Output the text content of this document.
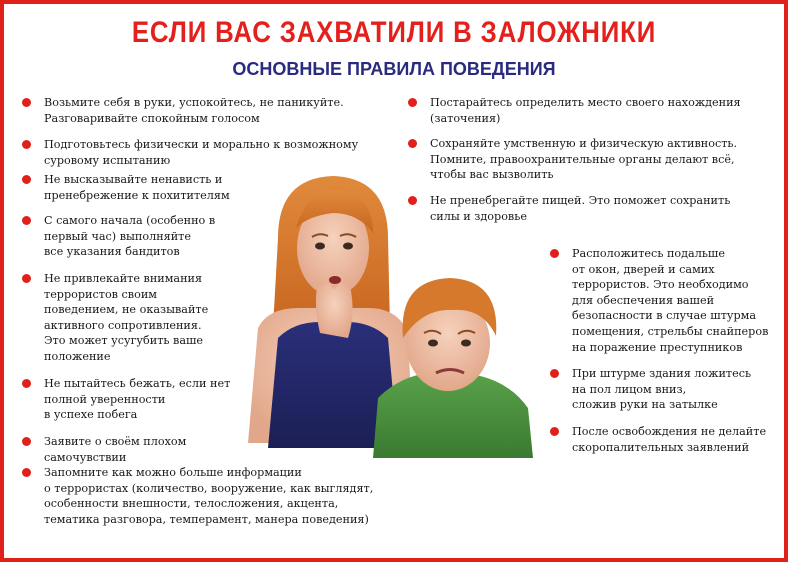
ЕСЛИ ВАС ЗАХВАТИЛИ В ЗАЛОЖНИКИ
ОСНОВНЫЕ ПРАВИЛА ПОВЕДЕНИЯ
Возьмите себя в руки, успокойтесь, не паникуйте.
Разговаривайте спокойным голосом
Подготовьтесь физически и морально к возможному
суровому испытанию
Не высказывайте ненависть и
пренебрежение к похитителям
С самого начала (особенно в
первый час) выполняйте
все указания бандитов
Не привлекайте внимания
террористов своим
поведением, не оказывайте
активного сопротивления.
Это может усугубить ваше
положение
Не пытайтесь бежать, если нет
полной уверенности
в успехе побега
Заявите о своём плохом
самочувствии
Запомните как можно больше информации
о террористах (количество, вооружение, как выглядят,
особенности внешности, телосложения, акцента,
тематика разговора, темперамент, манера поведения)
Постарайтесь определить место своего нахождения
(заточения)
Сохраняйте умственную и физическую активность.
Помните, правоохранительные органы делают всё,
чтобы вас вызволить
Не пренебрегайте пищей. Это поможет сохранить
силы и здоровье
Расположитесь подальше
от окон, дверей и самих
террористов. Это необходимо
для обеспечения вашей
безопасности в случае штурма
помещения, стрельбы снайперов
на поражение преступников
При штурме здания ложитесь
на пол лицом вниз,
сложив руки на затылке
После освобождения не делайте
скоропалительных заявлений
